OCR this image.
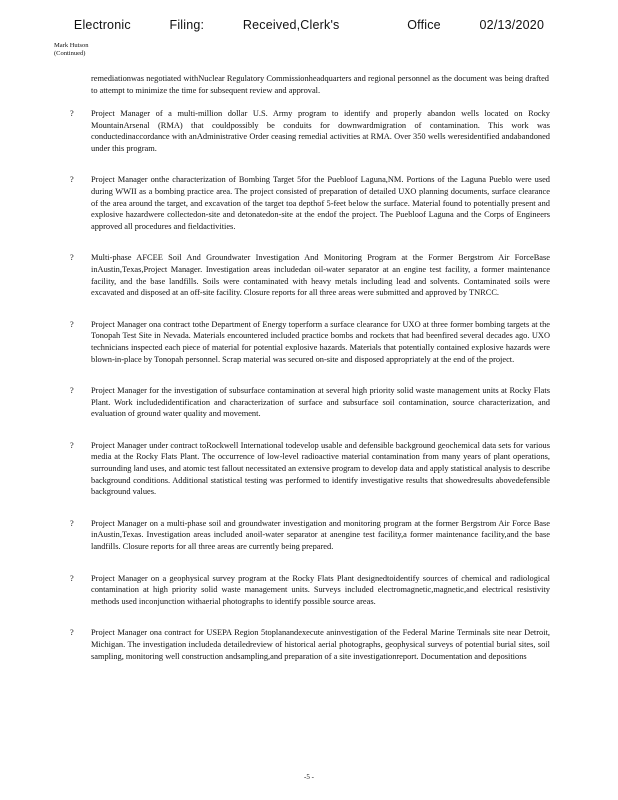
Electronic    Filing:    Received,Clerk's       Office    02/13/2020
Mark Hutson
(Continued)
remediationwas negotiated withNuclear Regulatory Commissionheadquarters and regional personnel as the document was being drafted to attempt to minimize the time for subsequent review and approval.
?	Project Manager of a multi-million dollar U.S. Army program to identify and properly abandon wells located on Rocky MountainArsenal (RMA) that couldpossibly be conduits for downwardmigration of contamination. This work was conductedinaccordance with anAdministrative Order ceasing remedial activities at RMA. Over 350 wells weresidentified andabandoned under this program.
?	Project Manager onthe characterization of Bombing Target 5for the Puebloof Laguna,NM. Portions of the Laguna Pueblo were used during WWII as a bombing practice area. The project consisted of preparation of detailed UXO planning documents, surface clearance of the area around the target, and excavation of the target toa depthof 5-feet below the surface. Material found to potentially present and explosive hazardwere collectedon-site and detonatedon-site at the endof the project. The Puebloof Laguna and the Corps of Engineers approved all procedures and fieldactivities.
?	Multi-phase AFCEE Soil And Groundwater Investigation And Monitoring Program at the Former Bergstrom Air ForceBase inAustin,Texas,Project Manager. Investigation areas includedan oil-water separator at an engine test facility, a former maintenance facility, and the base landfills. Soils were contaminated with heavy metals including lead and solvents. Contaminated soils were excavated and disposed at an off-site facility. Closure reports for all three areas were submitted and approved by TNRCC.
?	Project Manager ona contract tothe Department of Energy toperform a surface clearance for UXO at three former bombing targets at the Tonopah Test Site in Nevada. Materials encountered included practice bombs and rockets that had beenfired several decades ago. UXO technicians inspected each piece of material for potential explosive hazards. Materials that potentially contained explosive hazards were blown-in-place by Tonopah personnel. Scrap material was secured on-site and disposed appropriately at the end of the project.
?	Project Manager for the investigation of subsurface contamination at several high priority solid waste management units at Rocky Flats Plant. Work includedidentification and characterization of surface and subsurface soil contamination, source characterization, and evaluation of ground water quality and movement.
?	Project Manager under contract toRockwell International todevelop usable and defensible background geochemical data sets for various media at the Rocky Flats Plant. The occurrence of low-level radioactive material contamination from many years of plant operations, surrounding land uses, and atomic test fallout necessitated an extensive program to develop data and apply statistical analysis to describe background conditions. Additional statistical testing was performed to identify investigative results that showedresults abovedefensible background values.
?	Project Manager on a multi-phase soil and groundwater investigation and monitoring program at the former Bergstrom Air Force Base inAustin,Texas. Investigation areas included anoil-water separator at anengine test facility,a former maintenance facility,and the base landfills. Closure reports for all three areas are currently being prepared.
?	Project Manager on a geophysical survey program at the Rocky Flats Plant designedtoidentify sources of chemical and radiological contamination at high priority solid waste management units. Surveys included electromagnetic,magnetic,and electrical resistivity methods used inconjunction withaerial photographs to identify possible source areas.
?	Project Manager ona contract for USEPA Region 5toplanandexecute aninvestigation of the Federal Marine Terminals site near Detroit, Michigan. The investigation includeda detailedreview of historical aerial photographs, geophysical surveys of potential burial sites, soil sampling, monitoring well construction andsampling,and preparation of a site investigationreport. Documentation and depositions
-5 -
